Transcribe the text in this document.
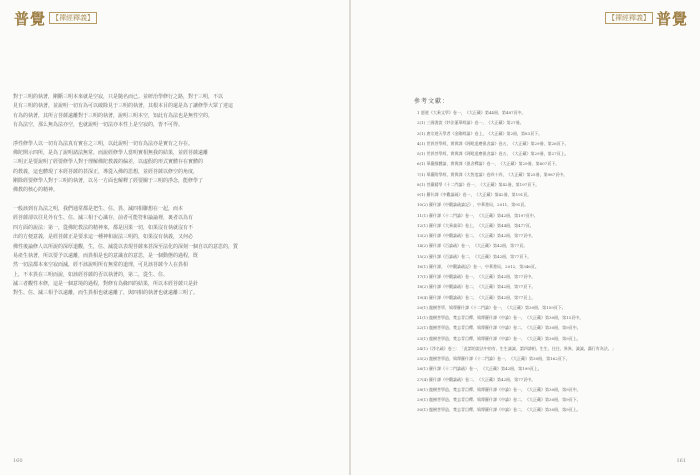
普覺 【禪經釋義】
對于三明的執著，剛斷三明本來就是空寂，只是隨名而已。並研治學修行之路，對于三明，不以
見有三明的執著，並說明一切有為可以破除見于三明的執著，其根本目的還是為了讓修學大眾了達這
有為的執著，其所言菩薩遠離對于三明的執著，說明三明本空，知此有為法也是無性空的，
有為法空，那么無為法亦空，也就說明一切法亦本性上是空寂的，皆不可得。
淨性修學人以一切有為法真有實在之三明，以此說明一切有為法亦是實有之存在。
佛陀開示四所，是為了說明諸法無常，而說經修學人當明實相無我的結果，並經菩薩遠離
三明正是要說明了經要修學人對于理解佛陀教義的偏差，以虛假的形式實體存在實體的
的教義，這也體現了本經菩薩的甚深正，導從入佛的思想，並經菩薩以修空的角度，
剛除經要修學人對于三明的執著，以另一方面也解釋了經要關于三明的淨念，能修學了
佛教的核心的精神。
一般該到有為法之明，我們通常都是把生、住、異、滅四相聯想在一起，而本
經菩薩卻以往見外有生、住、滅三相于心識存，前者可能符和論論裡，裏者以為有
四方面的說法：第一，從佛陀教法的精神來，都是因果一切，如果沒有執就沒有不
出的方便意義，是經菩薩正是要求這一種神和說法三明的，如果沒有執義，又何必
佛性後論修人以所說的深厚道觀，生，住、滅從以表現菩薩來甚深至法化的深刻一個自以的意思的，質
易產生執著，所以要予以遠離，而異相是也的意識直的意思，是一個動態的過程，既
然一切法都本來空寂而滅，經不該說明所有無常的道理，可見該菩薩今人在異相
上，不本異在三明而說，如該經菩薩的否以執著的，第二，從生、住、
滅三者觀性本修，這是一個意境的過程，對修有為緣四的結果，所以本經菩薩只是針
對生、住、滅三相予以遠離，而生異相也就遠離了，與四相的執著也就遠離三明了。
160
【禪經釋義】 普覺
參考文獻：
1 愿遊《大乘文學》卷一，《大正藏》第44冊，第487頁中。
2(1) 三國書說《妙法蓮華經論》卷一，《大正藏》第27冊。
3(1) 唐宗遊天學者《金剛經論》卷上，《大正藏》第2冊，第83頁下。
4(1) 世界菩學經，實實譯《阿毗達磨俱舍論》卷五，《大正藏》第29冊，第26頁下。
5(1) 世界菩學經，實實譯《阿毗達磨俱舍論》卷五，《大正藏》第29冊，第27頁上。
6(1) 華嚴緣體論，實實譯《俱舍釋論》卷一，《大正藏》第29冊，第607頁下。
7(1) 華嚴附學經，實實譯《大智度論》卷四十四，《大正藏》第25冊，第987頁中。
8(1) 菩嚴精學《十二門論》卷一，《大正藏》第42冊，第197頁下。
9(1) 羅什譯《中觀論疏》卷一，《大正藏》第42冊，第191頁。
10(2) 羅什譯《中觀論疏論記》，中華書局，2011，第91頁。
11(1) 羅什譯《十二門論》卷一，《大正藏》第42冊，第197頁中。
12(1) 羅什譯《大乘義章》卷上，《大正藏》第44冊，第477頁。
13(2) 羅什譯《中觀論疏》卷二，《大正藏》第42冊，第77頁中。
14(2) 羅什譯《百論疏》卷一，《大正藏》第42冊，第77頁。
15(2) 羅什譯《百論疏》卷二，《大正藏》第42冊，第77頁下。
16(1) 羅什譯，《中觀論疏記》卷一，中華書局，2012，第346頁。
17(1) 羅什譯《中觀論疏》卷一，《大正藏》第42冊，第77頁中。
18(2) 羅什譯《中觀論疏》卷二，《大正藏》第42冊，第77頁下。
19(4) 羅什譯《中觀論疏》卷二，《大正藏》第42冊，第77頁上。
20(1) 龍樹菩學，鳩摩羅什譯《十二門論》卷一，《大正藏》第30冊，第159頁下。
21(1) 龍樹菩學造，梵志青目釋，鳩摩羅什譯《中論》卷一，《大正藏》第30冊，第15頁中。
22(1) 龍樹菩學造，梵志青目釋，鳩摩羅什譯《中論》卷二，《大正藏》第30冊，第9頁中。
23(1) 龍樹菩學造，梵志青目釋，鳩摩羅什譯《中論》卷一，《大正藏》第30冊，第9頁上。
24(1)《淨名疏》卷三：「此謂的說法中的有，生生滅滅，謂四諦相，生生、住住、異異、滅滅。講行有為法。」
25(2) 龍樹菩學造，鳩摩羅什譯《十二門論》卷一，《大正藏》第30冊，第162頁下。
26(1) 羅什譯《十二門論疏》卷一，《大正藏》第42冊，第199頁上。
27(4) 羅什譯《中觀論疏》卷二，《大正藏》第42冊，第77頁中。
28(1) 龍樹菩學造，梵志青目釋，鳩摩羅什譯《中論》卷一，《大正藏》第30冊，第9頁中。
29(1) 龍樹菩學造，梵志青目釋，鳩摩羅什譯《中論》卷二，《大正藏》第30冊，第9頁下。
30(1) 龍樹菩學造，梵志青目釋，鳩摩羅什譯《中論》卷二，《大正藏》第30冊，第9頁上。
161
